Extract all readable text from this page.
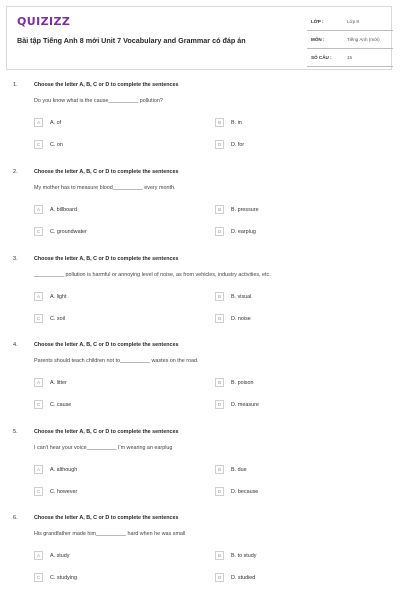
QUIZIZZ
Bài tập Tiếng Anh 8 mới Unit 7 Vocabulary and Grammar có đáp án
LỚP :	Lớp 8
MÔN :	Tiếng Anh (mới)
SỐ CÂU :	15
1.	Choose the letter A, B, C or D to complete the sentences
Do you know what is the cause__________ pollution?
A	A. of	B	B. in
C	C. on	D	D. for
2.	Choose the letter A, B, C or D to complete the sentences
My mother has to measure blood__________ every month.
A	A. billboard	B	B. pressure
C	C. groundwater	D	D. earplug
3.	Choose the letter A, B, C or D to complete the sentences
__________ pollution is harmful or annoying level of noise, as from vehicles, industry activities, etc.
A	A. light	B	B. visual
C	C. soil	D	D. noise
4.	Choose the letter A, B, C or D to complete the sentences
Parents should teach children not to__________ wastes on the road.
A	A. litter	B	B. poison
C	C. cause	D	D. measure
5.	Choose the letter A, B, C or D to complete the sentences
I can't hear your voice__________ I'm wearing an earplug
A	A. although	B	B. due
C	C. however	D	D. because
6.	Choose the letter A, B, C or D to complete the sentences
His grandfather made him__________ hard when he was small
A	A. study	B	B. to study
C	C. studying	D	D. studied
